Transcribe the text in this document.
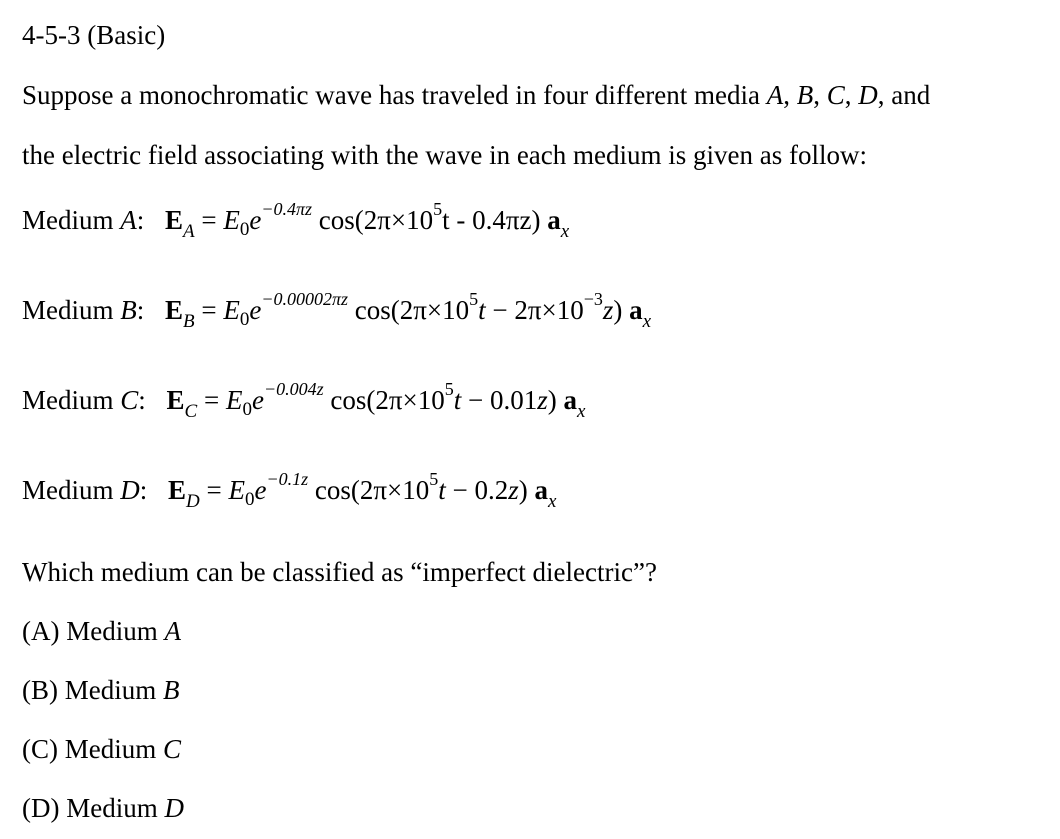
4-5-3 (Basic)
Suppose a monochromatic wave has traveled in four different media A, B, C, D, and
the electric field associating with the wave in each medium is given as follow:
Medium A: $E_A = E_0e^{-0.4\pi z}$ $\cos(2\pi\times 10^5t - 0.4\pi z)$ $a_x$
Medium B: $E_B = E_0e^{-0.00002\pi z}$ $\cos(2\pi\times 10^5t - 2\pi\times 10^{-3}z)$ $a_x$
Medium C: $E_C = E_0e^{-0.004z}$ $\cos(2\pi\times 10^5t - 0.01z)$ $a_x$
Medium D: $E_D = E_0e^{-0.1z}$ $\cos(2\pi\times 10^5t - 0.2z)$ $a_x$
Which medium can be classified as “imperfect dielectric”?
(A) Medium A
(B) Medium B
(C) Medium C
(D) Medium D
